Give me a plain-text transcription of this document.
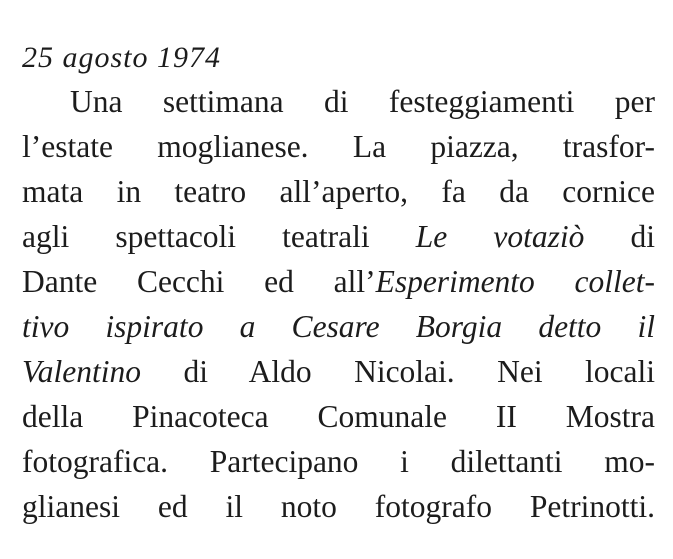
25 agosto 1974
Una settimana di festeggiamenti per
l’estate moglianese. La piazza, trasfor-
mata in teatro all’aperto, fa da cornice
agli spettacoli teatrali Le votaziò di
Dante Cecchi ed all’Esperimento collet-
tivo ispirato a Cesare Borgia detto il
Valentino di Aldo Nicolai. Nei locali
della Pinacoteca Comunale II Mostra
fotografica. Partecipano i dilettanti mo-
glianesi ed il noto fotografo Petrinotti.
